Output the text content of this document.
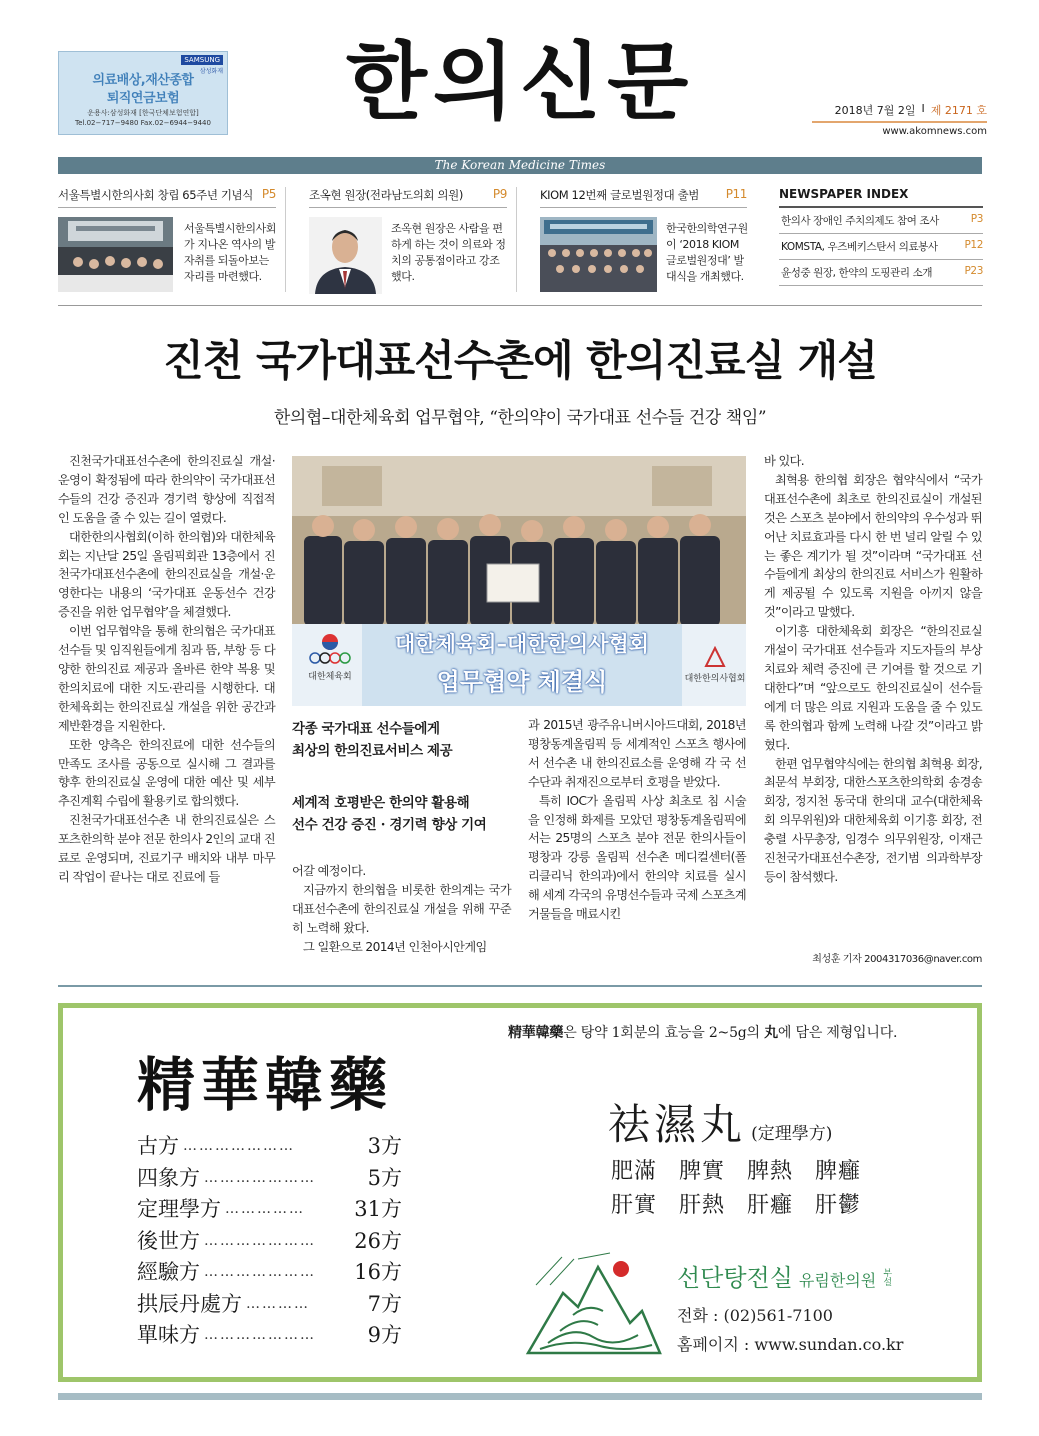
SAMSUNG
삼성화재
의료배상,재산종합
퇴직연금보험
운용사:삼성화재 [한국단체보험연합]
Tel.02−717−9480 Fax.02−6944−9440	한의신문	2018년 7월 2일 I 제 2171 호
www.akomnews.com
The Korean Medicine Times
서울특별시한의사회 창립 65주년 기념식 P5
서울특별시한의사회가 지나온 역사의 발자취를 되돌아보는 자리를 마련했다.
조옥현 원장(전라남도의회 의원)	P9
조옥현 원장은 사람을 편하게 하는 것이 의료와 정치의 공통점이라고 강조했다.
KIOM 12번째 글로벌원정대 출범 P11
한국한의학연구원이 ‘2018 KIOM 글로벌원정대’ 발대식을 개최했다.
NEWSPAPER INDEX
한의사 장애인 주치의제도 참여 조사	P3
KOMSTA, 우즈베키스탄서 의료봉사	P12
윤성중 원장, 한약의 도핑관리 소개	P23
진천 국가대표선수촌에 한의진료실 개설
한의협–대한체육회 업무협약, “한의약이 국가대표 선수들 건강 책임”

진천국가대표선수촌에 한의진료실 개설·운영이 확정됨에 따라 한의약이 국가대표선수들의 건강 증진과 경기력 향상에 직접적인 도움을 줄 수 있는 길이 열렸다.

대한한의사협회(이하 한의협)와 대한체육회는 지난달 25일 올림픽회관 13층에서 진천국가대표선수촌에 한의진료실을 개설·운영한다는 내용의 ‘국가대표 운동선수 건강 증진을 위한 업무협약’을 체결했다.

이번 업무협약을 통해 한의협은 국가대표 선수들 및 임직원들에게 침과 뜸, 부항 등 다양한 한의진료 제공과 올바른 한약 복용 및 한의치료에 대한 지도·관리를 시행한다. 대한체육회는 한의진료실 개설을 위한 공간과 제반환경을 지원한다.

또한 양측은 한의진료에 대한 선수들의 만족도 조사를 공동으로 실시해 그 결과를 향후 한의진료실 운영에 대한 예산 및 세부 추진계획 수립에 활용키로 합의했다.

진천국가대표선수촌 내 한의진료실은 스포츠한의학 분야 전문 한의사 2인의 교대 진료로 운영되며, 진료기구 배치와 내부 마무리 작업이 끝나는 대로 진료에 들

대한체육회
대한체육회–대한한의사협회
업무협약 체결식	대한한의사협회
각종 국가대표 선수들에게
최상의 한의진료서비스 제공
세계적 호평받은 한의약 활용해
선수 건강 증진 · 경기력 향상 기여

어갈 예정이다.

지금까지 한의협을 비롯한 한의계는 국가대표선수촌에 한의진료실 개설을 위해 꾸준히 노력해 왔다.

그 일환으로 2014년 인천아시안게임

과 2015년 광주유니버시아드대회, 2018년 평창동계올림픽 등 세계적인 스포츠 행사에서 선수촌 내 한의진료소를 운영해 각 국 선수단과 취재진으로부터 호평을 받았다.

특히 IOC가 올림픽 사상 최초로 침 시술을 인정해 화제를 모았던 평창동계올림픽에서는 25명의 스포츠 분야 전문 한의사들이 평창과 강릉 올림픽 선수촌 메디컬센터(폴리클리닉 한의과)에서 한의약 치료를 실시해 세계 각국의 유명선수들과 국제 스포츠계 거물들을 매료시킨

바 있다.

최혁용 한의협 회장은 협약식에서 “국가대표선수촌에 최초로 한의진료실이 개설된 것은 스포츠 분야에서 한의약의 우수성과 뛰어난 치료효과를 다시 한 번 널리 알릴 수 있는 좋은 계기가 될 것”이라며 “국가대표 선수들에게 최상의 한의진료 서비스가 원활하게 제공될 수 있도록 지원을 아끼지 않을 것”이라고 말했다.

이기흥 대한체육회 회장은 “한의진료실 개설이 국가대표 선수들과 지도자들의 부상 치료와 체력 증진에 큰 기여를 할 것으로 기대한다”며 “앞으로도 한의진료실이 선수들에게 더 많은 의료 지원과 도움을 줄 수 있도록 한의협과 함께 노력해 나갈 것”이라고 밝혔다.

한편 업무협약식에는 한의협 최혁용 회장, 최문석 부회장, 대한스포츠한의학회 송경송 회장, 정지천 동국대 한의대 교수(대한체육회 의무위원)와 대한체육회 이기흥 회장, 전충렬 사무총장, 임경수 의무위원장, 이재근 진천국가대표선수촌장, 전기범 의과학부장 등이 참석했다.

최성훈 기자 2004317036@naver.com
精華韓藥
古方 …………………	3方
四象方 …………………	5方
定理學方 ……………	31方
後世方 …………………	26方
經驗方 …………………	16方
拱辰丹處方 …………	7方
單味方 …………………	9方
精華韓藥은 탕약 1회분의 효능을 2~5g의 丸에 담은 제형입니다.
祛濕丸 (定理學方)
肥滿 脾實 脾熱 脾癰
肝實 肝熱 肝癰 肝鬱
선단탕전실 유림한의원 부설
전화 : (02)561-7100
홈페이지 : www.sundan.co.kr
